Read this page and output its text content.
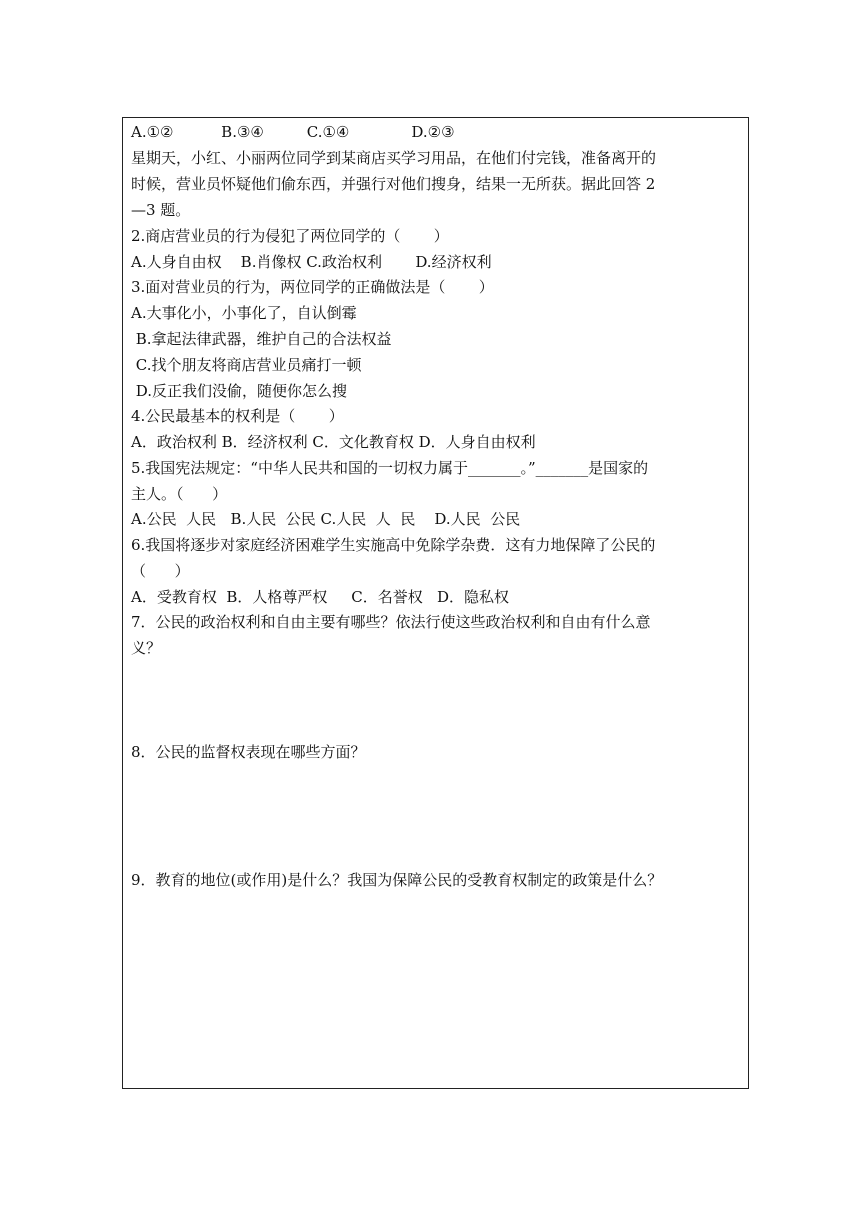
A.①②          B.③④         C.①④             D.②③
星期天，小红、小丽两位同学到某商店买学习用品，在他们付完钱，准备离开的
时候，营业员怀疑他们偷东西，并强行对他们搜身，结果一无所获。据此回答 2
—3 题。
2.商店营业员的行为侵犯了两位同学的（       ）
A.人身自由权    B.肖像权 C.政治权利       D.经济权利
3.面对营业员的行为，两位同学的正确做法是（       ）
A.大事化小，小事化了，自认倒霉
B.拿起法律武器，维护自己的合法权益
C.找个朋友将商店营业员痛打一顿
D.反正我们没偷，随便你怎么搜
4.公民最基本的权利是（       ）
A．政治权利 B．经济权利 C．文化教育权 D．人身自由权利
5.我国宪法规定：“中华人民共和国的一切权力属于_______。”_______是国家的
主人。（      ）
A.公民  人民   B.人民  公民 C.人民  人  民    D.人民  公民
6.我国将逐步对家庭经济困难学生实施高中免除学杂费．这有力地保障了公民的
（      ）
A．受教育权  B．人格尊严权     C．名誉权   D．隐私权
7．公民的政治权利和自由主要有哪些？依法行使这些政治权利和自由有什么意
义？
8．公民的监督权表现在哪些方面？
9．教育的地位(或作用)是什么？我国为保障公民的受教育权制定的政策是什么？
